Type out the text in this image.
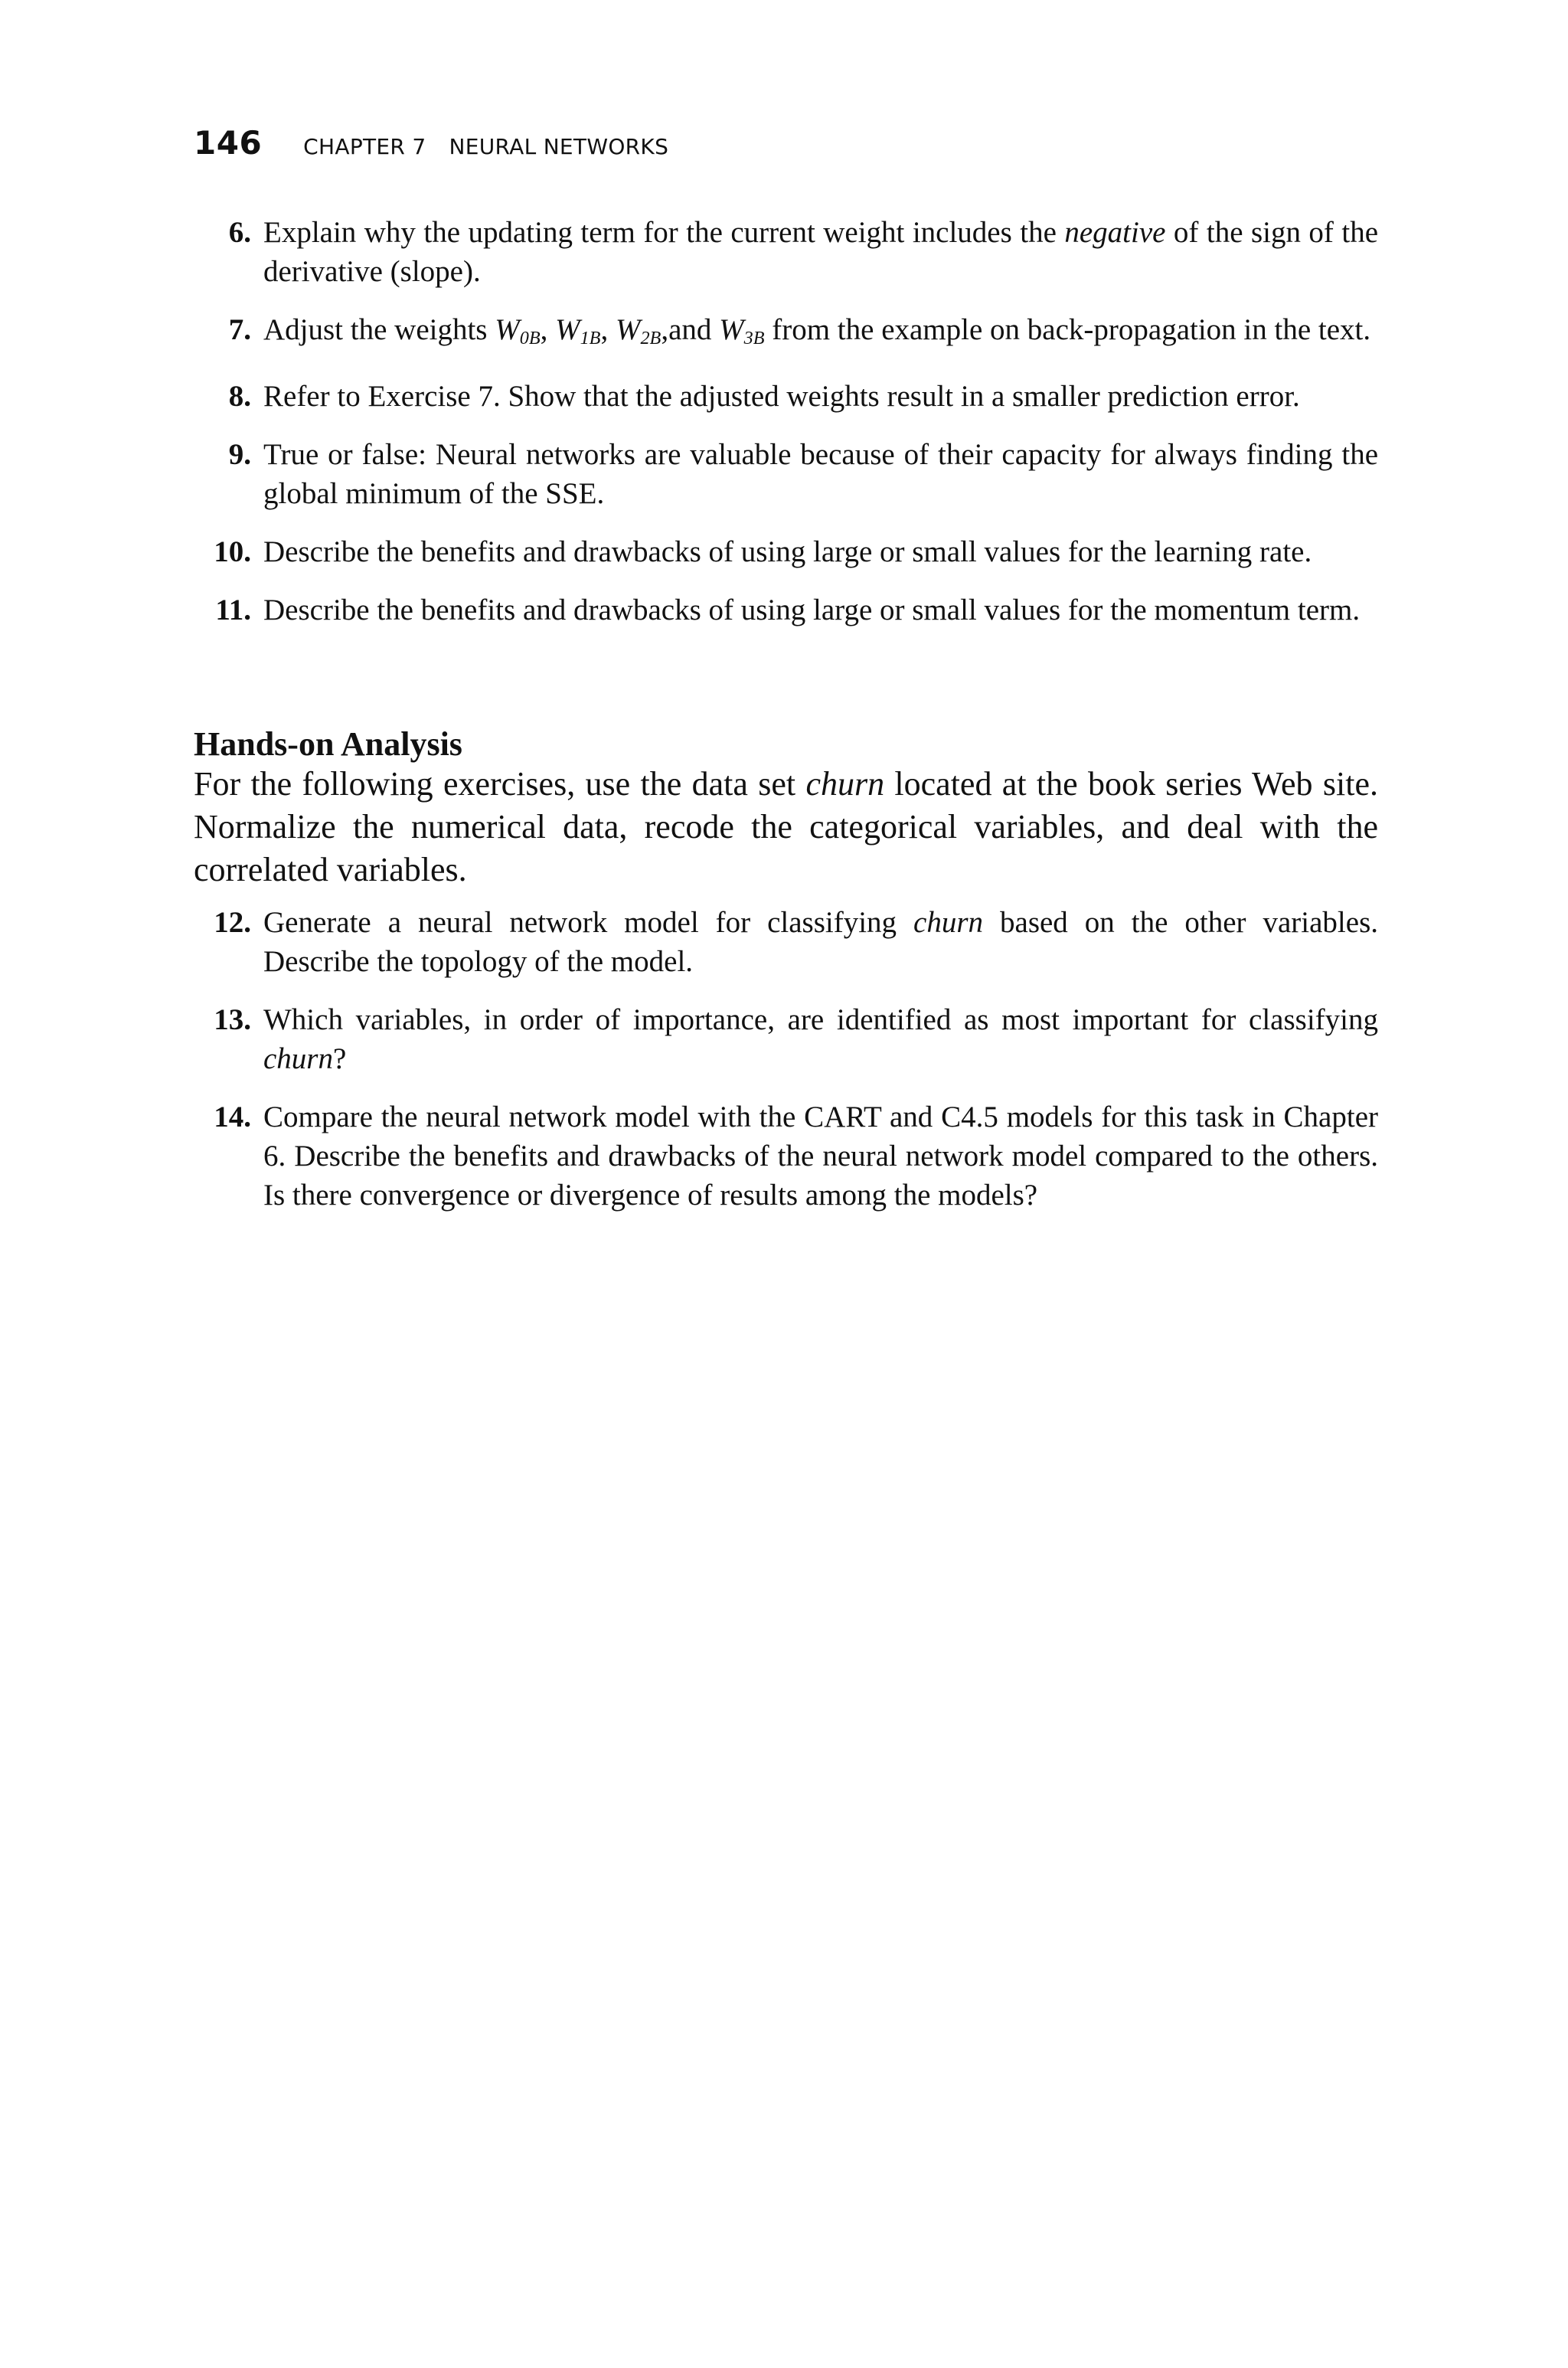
146 CHAPTER 7 NEURAL NETWORKS
6. Explain why the updating term for the current weight includes the negative of the sign of the derivative (slope).
7. Adjust the weights $W_{0B}$, $W_{1B}$, $W_{2B},and$ $W_{3B}$ from the example on back-propagation in the text.
8. Refer to Exercise 7. Show that the adjusted weights result in a smaller prediction error.
9. True or false: Neural networks are valuable because of their capacity for always finding the global minimum of the SSE.
10. Describe the benefits and drawbacks of using large or small values for the learning rate.
11. Describe the benefits and drawbacks of using large or small values for the momentum term.
Hands-on Analysis
For the following exercises, use the data set churn located at the book series Web site. Normalize the numerical data, recode the categorical variables, and deal with the correlated variables.
12. Generate a neural network model for classifying churn based on the other variables. Describe the topology of the model.
13. Which variables, in order of importance, are identified as most important for classifying churn?
14. Compare the neural network model with the CART and C4.5 models for this task in Chapter 6. Describe the benefits and drawbacks of the neural network model compared to the others. Is there convergence or divergence of results among the models?
